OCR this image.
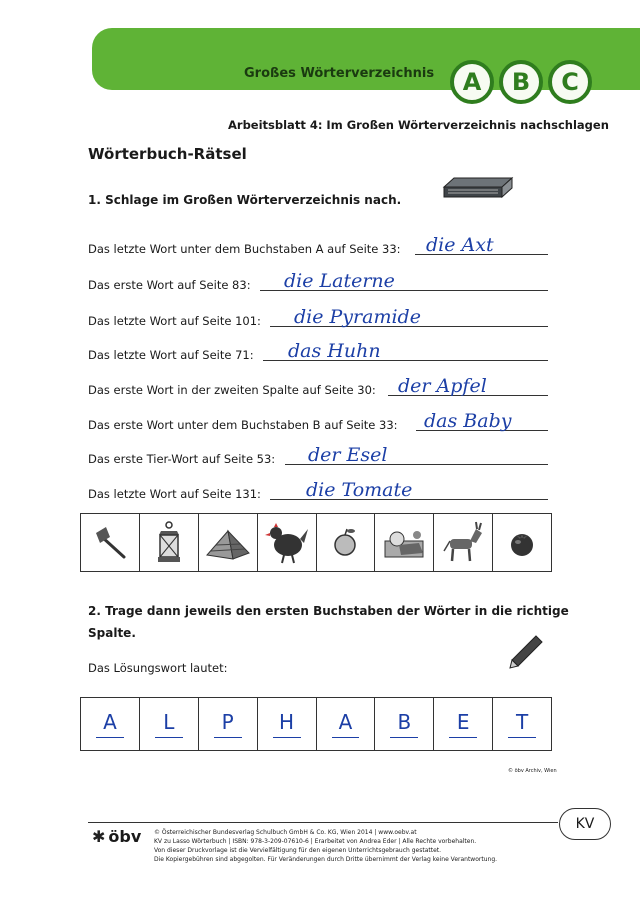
Großes Wörterverzeichnis	A	B	C
Arbeitsblatt 4: Im Großen Wörterverzeichnis nachschlagen
Wörterbuch-Rätsel
1. Schlage im Großen Wörterverzeichnis nach.
Das letzte Wort unter dem Buchstaben A auf Seite 33: die Axt
Das erste Wort auf Seite 83: die Laterne
Das letzte Wort auf Seite 101: die Pyramide
Das letzte Wort auf Seite 71: das Huhn
Das erste Wort in der zweiten Spalte auf Seite 30: der Apfel
Das erste Wort unter dem Buchstaben B auf Seite 33: das Baby
Das erste Tier-Wort auf Seite 53: der Esel
Das letzte Wort auf Seite 131: die Tomate
2. Trage dann jeweils den ersten Buchstaben der Wörter in die richtige
Spalte.
Das Lösungswort lautet:
A	L	P	H	A	B	E	T
© öbv Archiv, Wien
KV
✱ öbv © Österreichischer Bundesverlag Schulbuch GmbH & Co. KG, Wien 2014 | www.oebv.at
KV zu Lasso Wörterbuch | ISBN: 978-3-209-07610-6 | Erarbeitet von Andrea Eder | Alle Rechte vorbehalten.
Von dieser Druckvorlage ist die Vervielfältigung für den eigenen Unterrichtsgebrauch gestattet.
Die Kopiergebühren sind abgegolten. Für Veränderungen durch Dritte übernimmt der Verlag keine Verantwortung.
